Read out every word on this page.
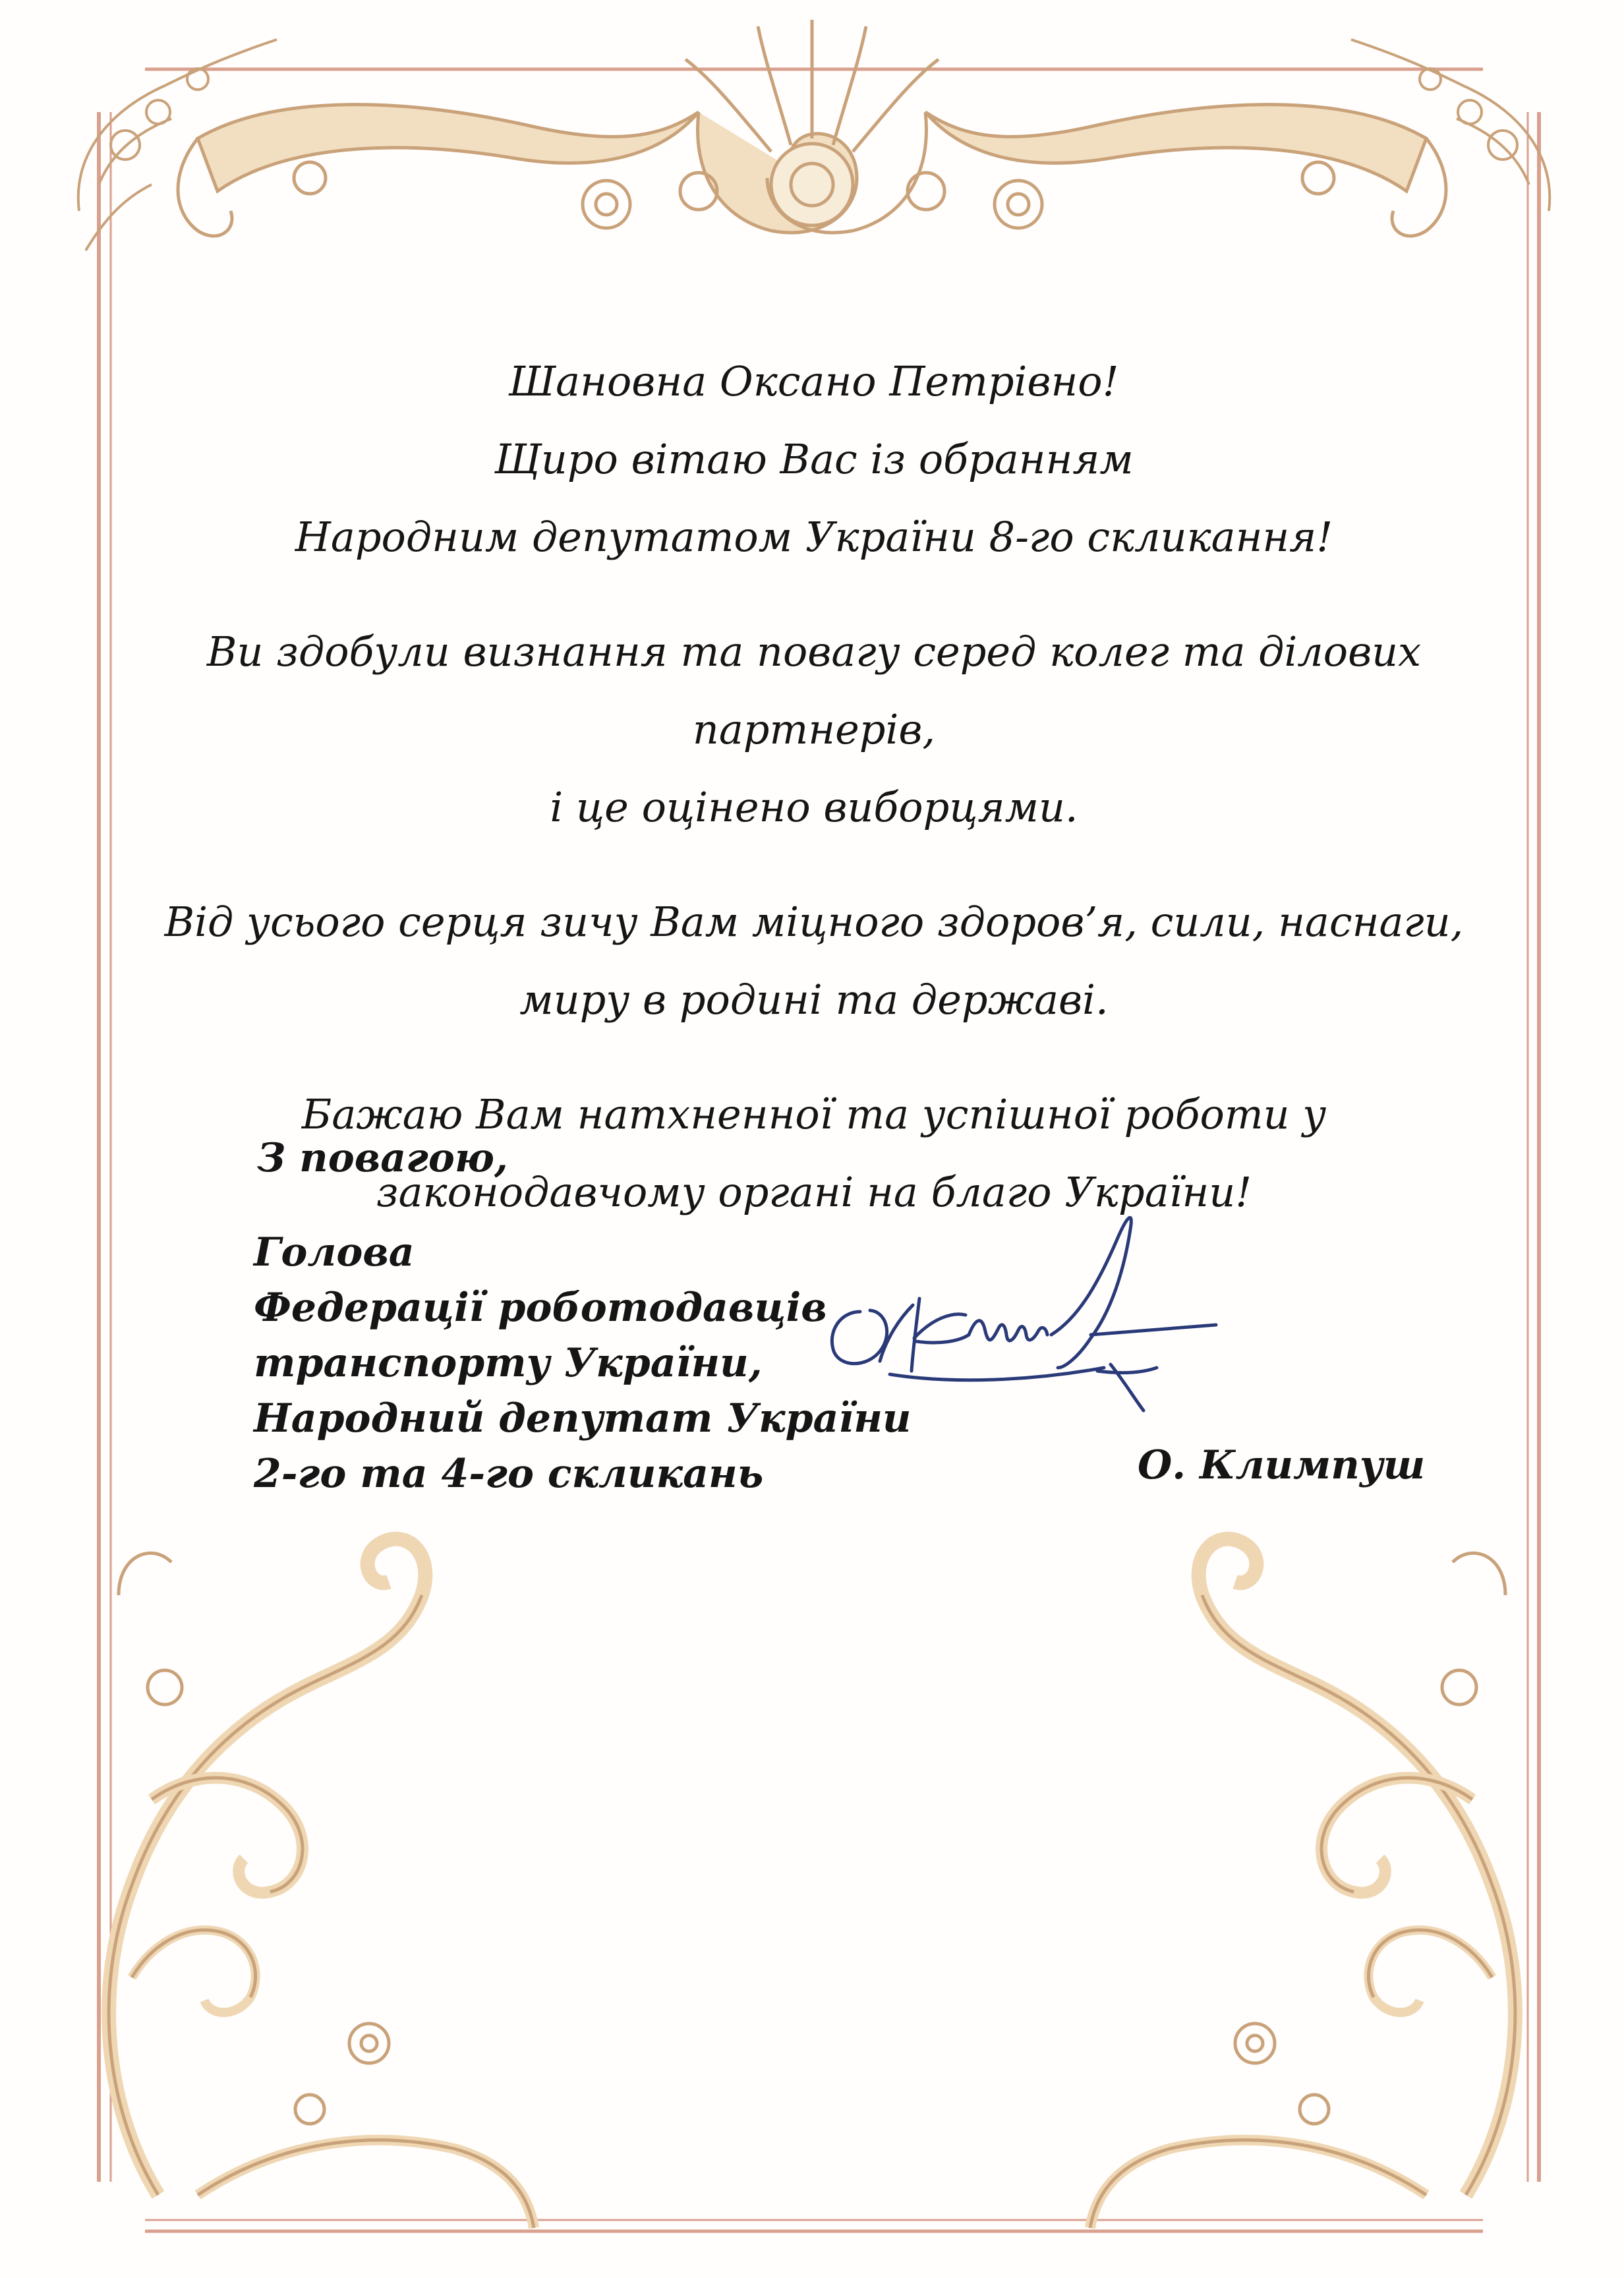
Шановна Оксано Петрівно!

Щиро вітаю Вас із обранням

Народним депутатом України 8-го скликання!

Ви здобули визнання та повагу серед колег та ділових партнерів,

і це оцінено виборцями.

Від усього серця зичу Вам міцного здоров’я, сили, наснаги,

миру в родині та державі.

Бажаю Вам натхненної та успішної роботи у

законодавчому органі на благо України!

З повагою,
Голова
Федерації роботодавців
транспорту України,
Народний депутат України
2-го та 4-го скликань	О. Климпуш
